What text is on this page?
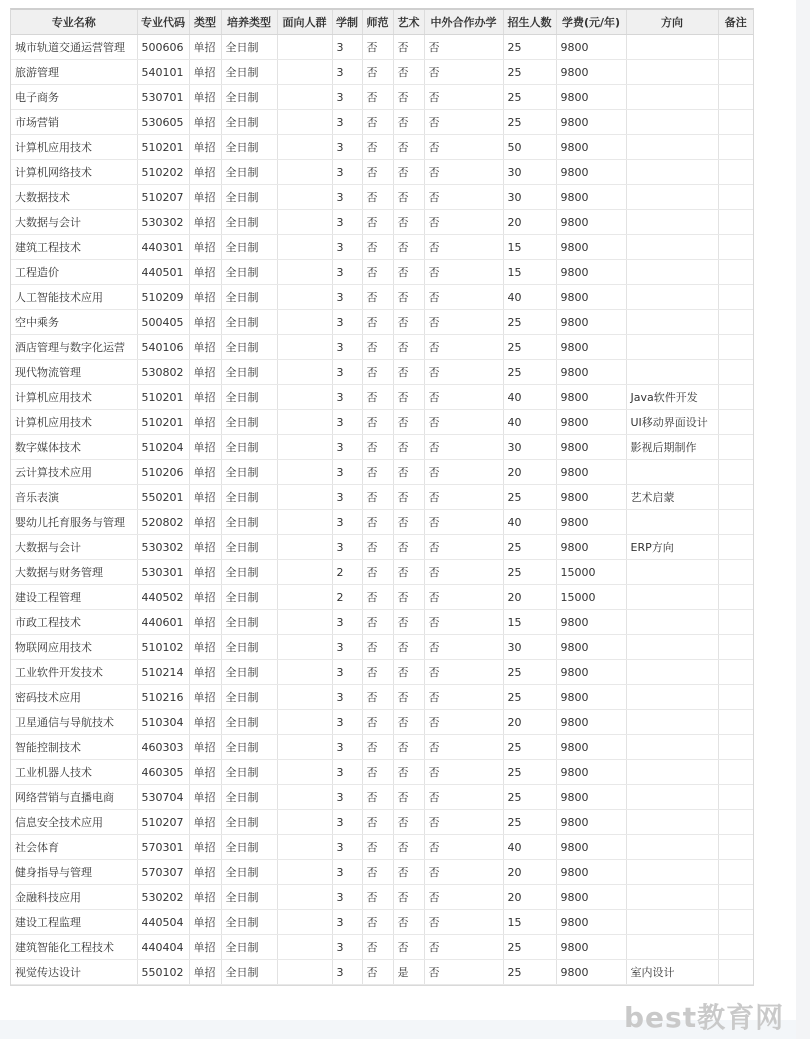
专业名称	专业代码	类型	培养类型	面向人群	学制	师范	艺术	中外合作办学	招生人数	学费(元/年)	方向	备注
城市轨道交通运营管理	500606	单招	全日制		3	否	否	否	25	9800		
旅游管理	540101	单招	全日制		3	否	否	否	25	9800		
电子商务	530701	单招	全日制		3	否	否	否	25	9800		
市场营销	530605	单招	全日制		3	否	否	否	25	9800		
计算机应用技术	510201	单招	全日制		3	否	否	否	50	9800		
计算机网络技术	510202	单招	全日制		3	否	否	否	30	9800		
大数据技术	510207	单招	全日制		3	否	否	否	30	9800		
大数据与会计	530302	单招	全日制		3	否	否	否	20	9800		
建筑工程技术	440301	单招	全日制		3	否	否	否	15	9800		
工程造价	440501	单招	全日制		3	否	否	否	15	9800		
人工智能技术应用	510209	单招	全日制		3	否	否	否	40	9800		
空中乘务	500405	单招	全日制		3	否	否	否	25	9800		
酒店管理与数字化运营	540106	单招	全日制		3	否	否	否	25	9800		
现代物流管理	530802	单招	全日制		3	否	否	否	25	9800		
计算机应用技术	510201	单招	全日制		3	否	否	否	40	9800	Java软件开发	
计算机应用技术	510201	单招	全日制		3	否	否	否	40	9800	UI移动界面设计	
数字媒体技术	510204	单招	全日制		3	否	否	否	30	9800	影视后期制作	
云计算技术应用	510206	单招	全日制		3	否	否	否	20	9800		
音乐表演	550201	单招	全日制		3	否	否	否	25	9800	艺术启蒙	
婴幼儿托育服务与管理	520802	单招	全日制		3	否	否	否	40	9800		
大数据与会计	530302	单招	全日制		3	否	否	否	25	9800	ERP方向	
大数据与财务管理	530301	单招	全日制		2	否	否	否	25	15000		
建设工程管理	440502	单招	全日制		2	否	否	否	20	15000		
市政工程技术	440601	单招	全日制		3	否	否	否	15	9800		
物联网应用技术	510102	单招	全日制		3	否	否	否	30	9800		
工业软件开发技术	510214	单招	全日制		3	否	否	否	25	9800		
密码技术应用	510216	单招	全日制		3	否	否	否	25	9800		
卫星通信与导航技术	510304	单招	全日制		3	否	否	否	20	9800		
智能控制技术	460303	单招	全日制		3	否	否	否	25	9800		
工业机器人技术	460305	单招	全日制		3	否	否	否	25	9800		
网络营销与直播电商	530704	单招	全日制		3	否	否	否	25	9800		
信息安全技术应用	510207	单招	全日制		3	否	否	否	25	9800		
社会体育	570301	单招	全日制		3	否	否	否	40	9800		
健身指导与管理	570307	单招	全日制		3	否	否	否	20	9800		
金融科技应用	530202	单招	全日制		3	否	否	否	20	9800		
建设工程监理	440504	单招	全日制		3	否	否	否	15	9800		
建筑智能化工程技术	440404	单招	全日制		3	否	否	否	25	9800		
视觉传达设计	550102	单招	全日制		3	否	是	否	25	9800	室内设计	
best教育网
